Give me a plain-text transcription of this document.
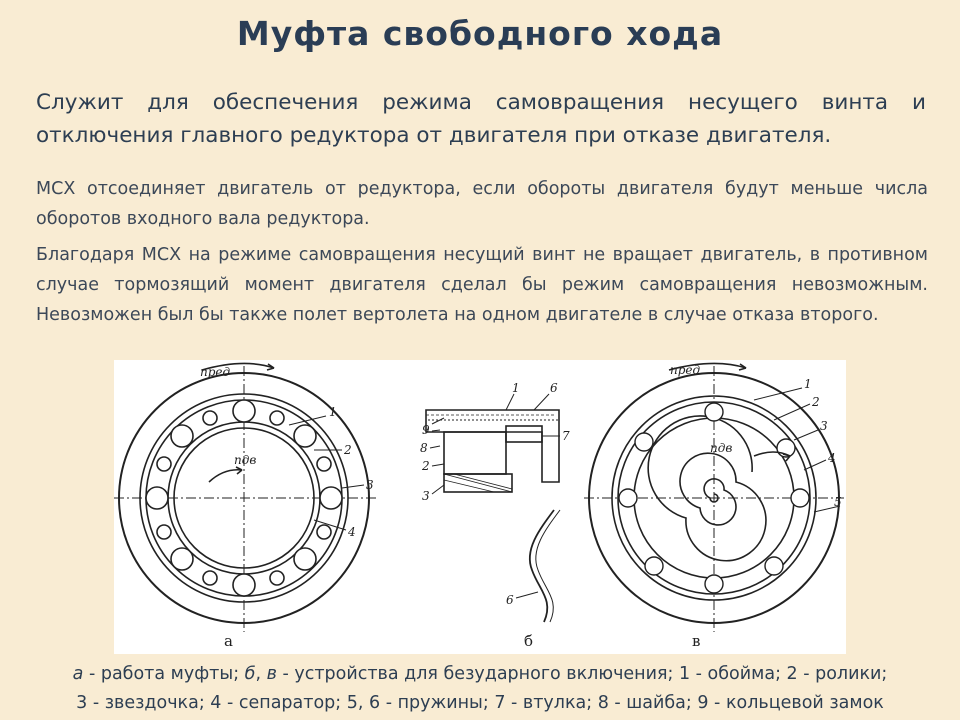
Муфта свободного хода
Служит для обеспечения режима самовращения несущего винта и отключения главного редуктора от двигателя при отказе двигателя.
МСХ отсоединяет двигатель от редуктора, если обороты двигателя будут меньше числа оборотов входного вала редуктора.
Благодаря МСХ на режиме самовращения несущий винт не вращает двигатель, в противном случае тормозящий момент двигателя сделал бы режим самовращения невозможным. Невозможен был бы также полет вертолета на одном двигателе в случае отказа второго.
nред
nдв
1
2
3
4
а
1	6
7
9
8
2
3
6
б
nред
nдв
1
2
3
4
5
в
а - работа муфты; б, в - устройства для безударного включения; 1 - обойма; 2 - ролики;
3 - звездочка; 4 - сепаратор; 5, 6 - пружины; 7 - втулка; 8 - шайба; 9 - кольцевой замок
